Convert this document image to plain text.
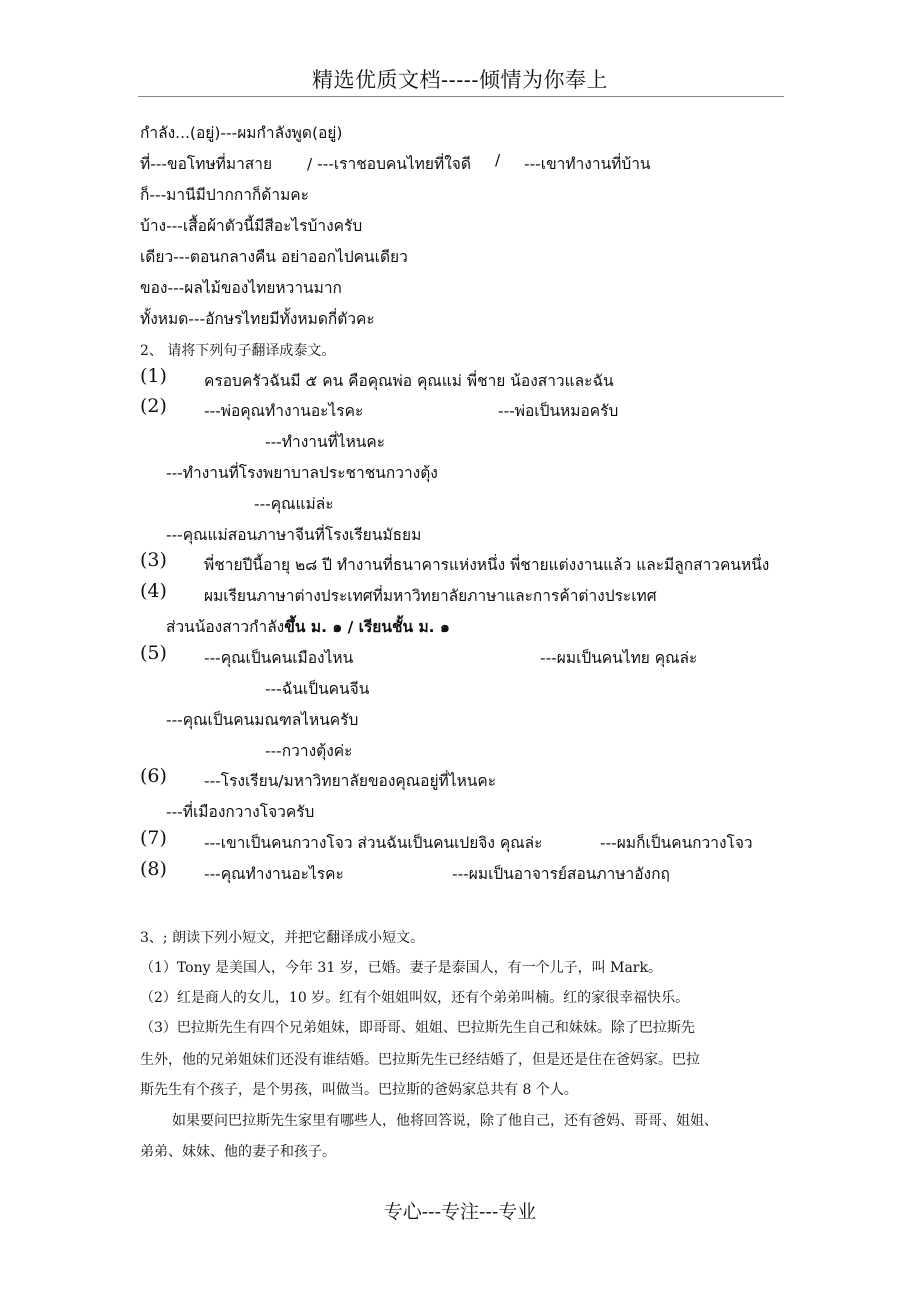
精选优质文档-----倾情为你奉上
กำลัง...(อยู่)---ผมกำลังพูด(อยู่)
ที่---ขอโทษที่มาสาย / ---เราชอบคนไทยที่ใจดี / ---เขาทำงานที่บ้าน
ก็---มานีมีปากกาก็ด้ามคะ
บ้าง---เสื้อผ้าตัวนี้มีสีอะไรบ้างครับ
เดียว---ตอนกลางคืน อย่าออกไปคนเดียว
ของ---ผลไม้ของไทยหวานมาก
ทั้งหมด---อักษรไทยมีทั้งหมดกี่ตัวคะ
2、 请将下列句子翻译成泰文。
(1) ครอบครัวฉันมี ๕ คน คือคุณพ่อ คุณแม่ พี่ชาย น้องสาวและฉัน
(2) ---พ่อคุณทำงานอะไรคะ	---พ่อเป็นหมอครับ
---ทำงานที่ไหนคะ
---ทำงานที่โรงพยาบาลประชาชนกวางตุ้ง
---คุณแม่ล่ะ
---คุณแม่สอนภาษาจีนที่โรงเรียนมัธยม
(3) พี่ชายปีนี้อายุ ๒๘ ปี ทำงานที่ธนาคารแห่งหนึ่ง พี่ชายแต่งงานแล้ว และมีลูกสาวคนหนึ่ง
(4) ผมเรียนภาษาต่างประเทศที่มหาวิทยาลัยภาษาและการค้าต่างประเทศ
ส่วนน้องสาวกำลังขึ้น ม. ๑ / เรียนชั้น ม. ๑
(5) ---คุณเป็นคนเมืองไหน	---ผมเป็นคนไทย คุณล่ะ
---ฉันเป็นคนจีน
---คุณเป็นคนมณฑลไหนครับ
---กวางตุ้งค่ะ
(6) ---โรงเรียน/มหาวิทยาลัยของคุณอยู่ที่ไหนคะ
---ที่เมืองกวางโจวครับ
(7) ---เขาเป็นคนกวางโจว ส่วนฉันเป็นคนเปยจิง คุณล่ะ	---ผมก็เป็นคนกวางโจว
(8) ---คุณทำงานอะไรคะ	---ผมเป็นอาจารย์สอนภาษาอังกฤ
3、; 朗读下列小短文，并把它翻译成小短文。
（1）Tony 是美国人，今年 31 岁，已婚。妻子是泰国人，有一个儿子，叫 Mark。
（2）红是商人的女儿，10 岁。红有个姐姐叫奴，还有个弟弟叫楠。红的家很幸福快乐。
（3）巴拉斯先生有四个兄弟姐妹，即哥哥、姐姐、巴拉斯先生自己和妹妹。除了巴拉斯先
生外，他的兄弟姐妹们还没有谁结婚。巴拉斯先生已经结婚了，但是还是住在爸妈家。巴拉
斯先生有个孩子，是个男孩，叫做当。巴拉斯的爸妈家总共有 8 个人。
如果要问巴拉斯先生家里有哪些人，他将回答说，除了他自己，还有爸妈、哥哥、姐姐、
弟弟、妹妹、他的妻子和孩子。
专心---专注---专业
